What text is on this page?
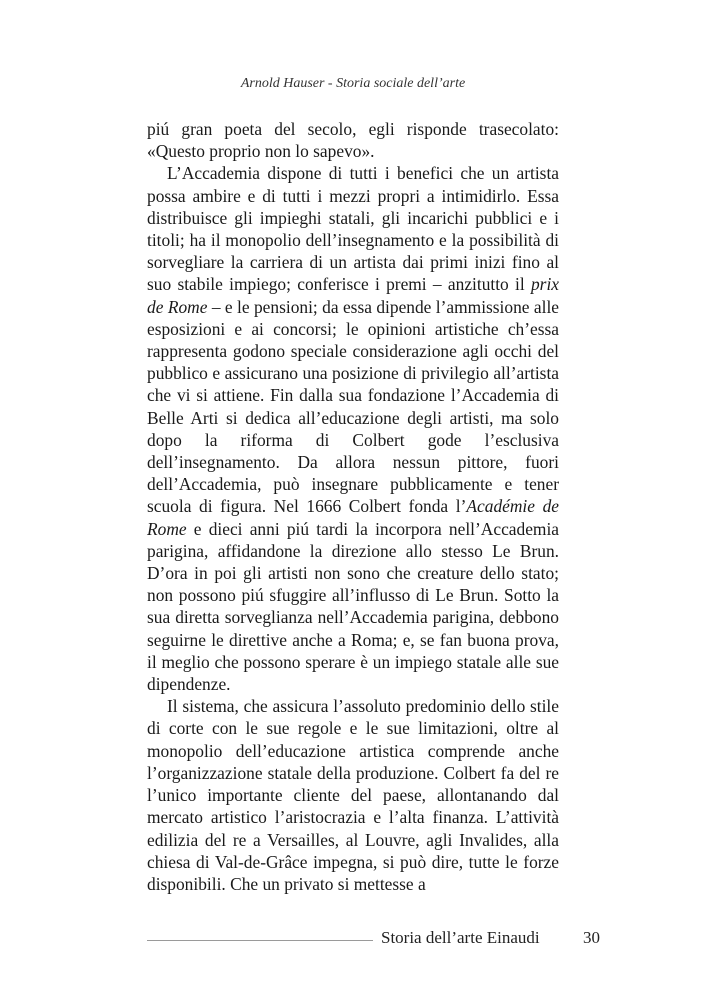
Arnold Hauser - Storia sociale dell’arte

piú gran poeta del secolo, egli risponde trasecolato: «Questo proprio non lo sapevo».

L’Accademia dispone di tutti i benefici che un artista possa ambire e di tutti i mezzi propri a intimidirlo. Essa distribuisce gli impieghi statali, gli incarichi pubblici e i titoli; ha il monopolio dell’insegnamento e la possibilità di sorvegliare la carriera di un artista dai primi inizi fino al suo stabile impiego; conferisce i premi – anzitutto il prix de Rome – e le pensioni; da essa dipende l’ammissione alle esposizioni e ai concorsi; le opinioni artistiche ch’essa rappresenta godono speciale considerazione agli occhi del pubblico e assicurano una posizione di privilegio all’artista che vi si attiene. Fin dalla sua fondazione l’Accademia di Belle Arti si dedica all’educazione degli artisti, ma solo dopo la riforma di Colbert gode l’esclusiva dell’insegnamento. Da allora nessun pittore, fuori dell’Accademia, può insegnare pubblicamente e tener scuola di figura. Nel 1666 Colbert fonda l’Académie de Rome e dieci anni piú tardi la incorpora nell’Accademia parigina, affidandone la direzione allo stesso Le Brun. D’ora in poi gli artisti non sono che creature dello stato; non possono piú sfuggire all’influsso di Le Brun. Sotto la sua diretta sorveglianza nell’Accademia parigina, debbono seguirne le direttive anche a Roma; e, se fan buona prova, il meglio che possono sperare è un impiego statale alle sue dipendenze.

Il sistema, che assicura l’assoluto predominio dello stile di corte con le sue regole e le sue limitazioni, oltre al monopolio dell’educazione artistica comprende anche l’organizzazione statale della produzione. Colbert fa del re l’unico importante cliente del paese, allontanando dal mercato artistico l’aristocrazia e l’alta finanza. L’attività edilizia del re a Versailles, al Louvre, agli Invalides, alla chiesa di Val-de-Grâce impegna, si può dire, tutte le forze disponibili. Che un privato si mettesse a

Storia dell’arte Einaudi	30
